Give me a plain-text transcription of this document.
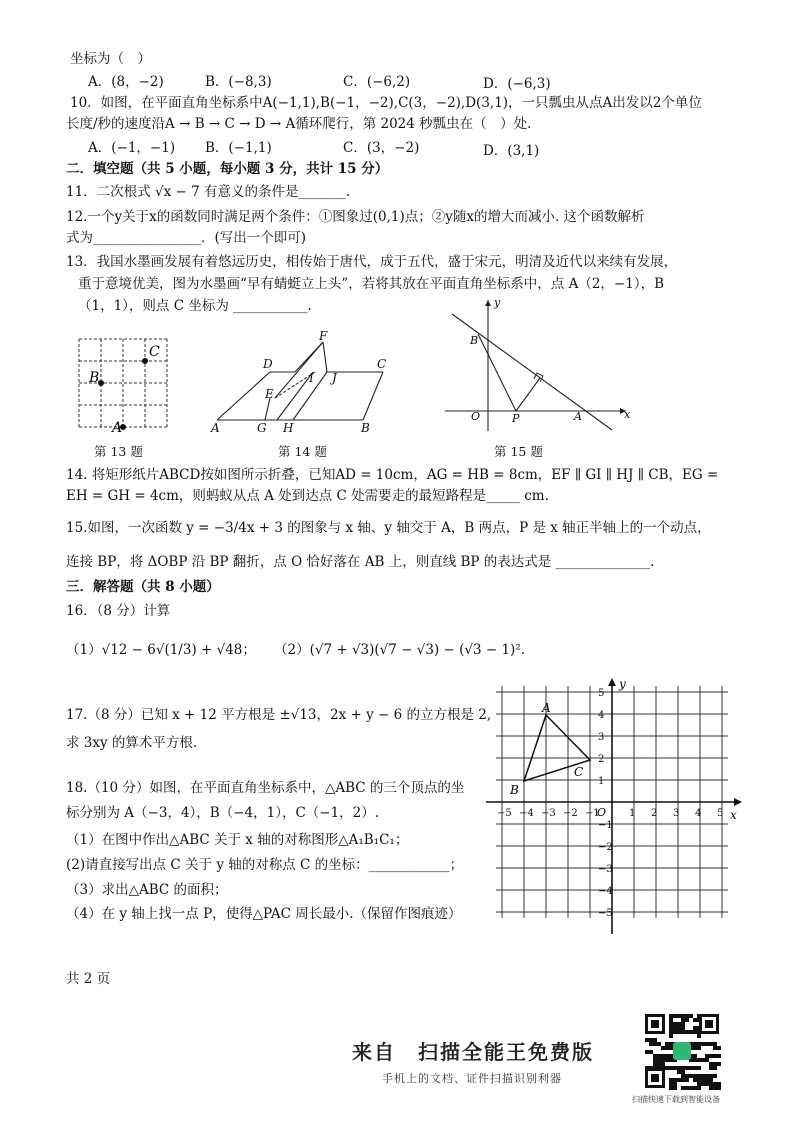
坐标为（　）
A．(8，−2)	B．(−8,3)	C．(−6,2)	D．(−6,3)
10．如图，在平面直角坐标系中A(−1,1),B(−1，−2),C(3，−2),D(3,1)，一只瓢虫从点A出发以2个单位
长度/秒的速度沿A → B → C → D → A循环爬行，第 2024 秒瓢虫在（　）处.
A．(−1，−1) B．(−1,1)	C．(3，−2)	D．(3,1)
二．填空题（共 5 小题，每小题 3 分，共计 15 分）
11．二次根式 √x − 7 有意义的条件是_______.
12.一个y关于x的函数同时满足两个条件：①图象过(0,1)点；②y随x的增大而减小. 这个函数解析
式为________________．(写出一个即可)
13．我国水墨画发展有着悠远历史，相传始于唐代，成于五代，盛于宋元，明清及近代以来续有发展，
重于意境优美，图为水墨画“早有蜻蜓立上头”，若将其放在平面直角坐标系中，点 A（2，−1），B
（1，1），则点 C 坐标为 ___________.
C
B
A
第 13 题
A	G H	B
D
F
C
E
I J
第 14 题
y
x
B
O	P	A
第 15 题
14. 将矩形纸片ABCD按如图所示折叠，已知AD = 10cm，AG = HB = 8cm，EF ∥ GI ∥ HJ ∥ CB，EG =
EH = GH = 4cm，则蚂蚁从点 A 处到达点 C 处需要走的最短路程是_____ cm.
15.如图，一次函数 y = −3/4x + 3 的图象与 x 轴、y 轴交于 A，B 两点，P 是 x 轴正半轴上的一个动点，
连接 BP，将 ΔOBP 沿 BP 翻折，点 O 恰好落在 AB 上，则直线 BP 的表达式是 ______________.
三．解答题（共 8 小题）
16．（8 分）计算
（1）√12 − 6√(1/3) + √48； （2）(√7 + √3)(√7 − √3) − (√3 − 1)².
17.（8 分）已知 x + 12 平方根是 ±√13，2x + y − 6 的立方根是 2,
求 3xy 的算术平方根.
18.（10 分）如图，在平面直角坐标系中，△ABC 的三个顶点的坐
标分别为 A（−3，4），B（−4，1），C（−1，2）.
（1）在图中作出△ABC 关于 x 轴的对称图形△A₁B₁C₁；
(2)请直接写出点 C 关于 y 轴的对称点 C 的坐标：____________；
（3）求出△ABC 的面积；
（4）在 y 轴上找一点 P，使得△PAC 周长最小.（保留作图痕迹）
x
y
O
A
B
C
−5 −4 −3 −2 −1	1 2 3 4 5
5
4
3
2
1
−1
−2
−3
−4
−5
共 2 页
来自　扫描全能王免费版
手机上的文档、证件扫描识别利器
扫描快速下载到智能设备
